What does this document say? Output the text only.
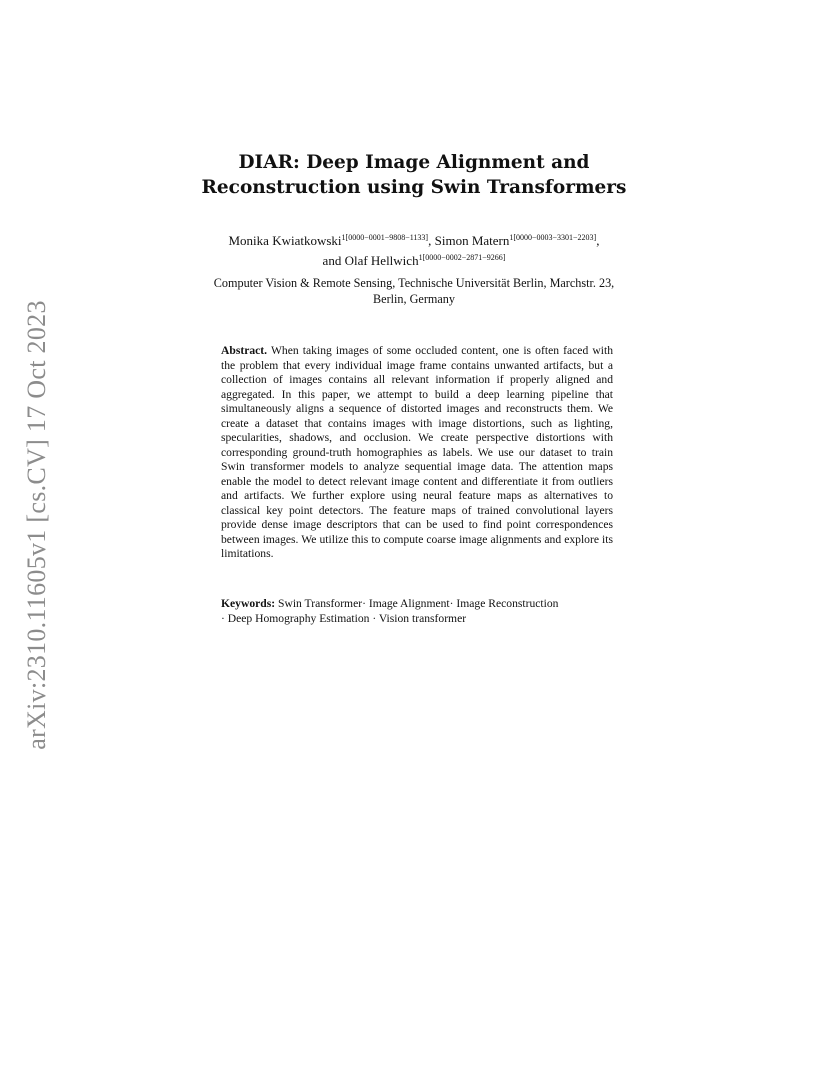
arXiv:2310.11605v1 [cs.CV] 17 Oct 2023
DIAR: Deep Image Alignment and
Reconstruction using Swin Transformers
Monika Kwiatkowski$^{1[0000-0001-9808-1133]}$, Simon Matern$^{1[0000-0003-3301-2203]}$,
and Olaf Hellwich$^{1[0000-0002-2871-9266]}$
Computer Vision & Remote Sensing, Technische Universität Berlin, Marchstr. 23,
Berlin, Germany
Abstract. When taking images of some occluded content, one is often faced with the problem that every individual image frame contains unwanted artifacts, but a collection of images contains all relevant information if properly aligned and aggregated. In this paper, we attempt to build a deep learning pipeline that simultaneously aligns a sequence of distorted images and reconstructs them. We create a dataset that contains images with image distortions, such as lighting, specularities, shadows, and occlusion. We create perspective distortions with corresponding ground-truth homographies as labels. We use our dataset to train Swin transformer models to analyze sequential image data. The attention maps enable the model to detect relevant image content and differentiate it from outliers and artifacts. We further explore using neural feature maps as alternatives to classical key point detectors. The feature maps of trained convolutional layers provide dense image descriptors that can be used to find point correspondences between images. We utilize this to compute coarse image alignments and explore its limitations.
Keywords: Swin Transformer· Image Alignment· Image Reconstruction
· Deep Homography Estimation · Vision transformer
